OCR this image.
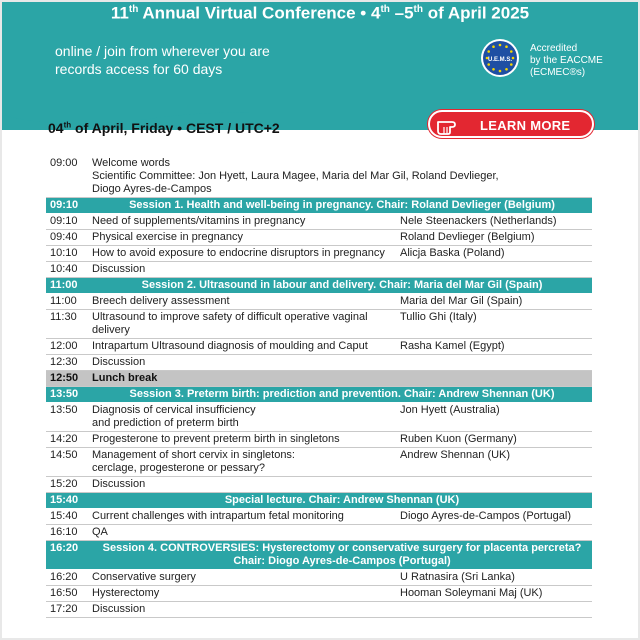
11th Annual Virtual Conference • 4th –5th of April 2025
online / join from wherever you are
records access for 60 days
U.E.M.S.
Accredited
by the EACCME
(ECMEC®s)
04th of April, Friday • CEST / UTC+2	LEARN MORE
09:00	Welcome words
Scientific Committee: Jon Hyett, Laura Magee, Maria del Mar Gil, Roland Devlieger,
Diogo Ayres-de-Campos	

09:10	Session 1. Health and well-being in pregnancy. Chair: Roland Devlieger (Belgium)	

09:10	Need of supplements/vitamins in pregnancy	Nele Steenackers (Netherlands)
09:40	Physical exercise in pregnancy	Roland Devlieger (Belgium)
10:10	How to avoid exposure to endocrine disruptors in pregnancy	Alicja Baska (Poland)
10:40	Discussion	

11:00	Session 2. Ultrasound in labour and delivery. Chair: Maria del Mar Gil (Spain)	

11:00	Breech delivery assessment	Maria del Mar Gil (Spain)
11:30	Ultrasound to improve safety of difficult operative vaginal
delivery	Tullio Ghi (Italy)
12:00	Intrapartum Ultrasound diagnosis of moulding and Caput	Rasha Kamel (Egypt)
12:30	Discussion	

12:50	Lunch break	
13:50	Session 3. Preterm birth: prediction and prevention. Chair: Andrew Shennan (UK)	

13:50	Diagnosis of cervical insufficiency
and prediction of preterm birth	Jon Hyett (Australia)
14:20	Progesterone to prevent preterm birth in singletons	Ruben Kuon (Germany)
14:50	Management of short cervix in singletons:
cerclage, progesterone or pessary?	Andrew Shennan (UK)
15:20	Discussion	

15:40	Special lecture. Chair: Andrew Shennan (UK)	

15:40	Current challenges with intrapartum fetal monitoring	Diogo Ayres-de-Campos (Portugal)
16:10	QA	

16:20	Session 4. CONTROVERSIES: Hysterectomy or conservative surgery for placenta percreta?
Chair: Diogo Ayres-de-Campos (Portugal)	

16:20	Conservative surgery	U Ratnasira (Sri Lanka)
16:50	Hysterectomy	Hooman Soleymani Maj (UK)
17:20	Discussion	
